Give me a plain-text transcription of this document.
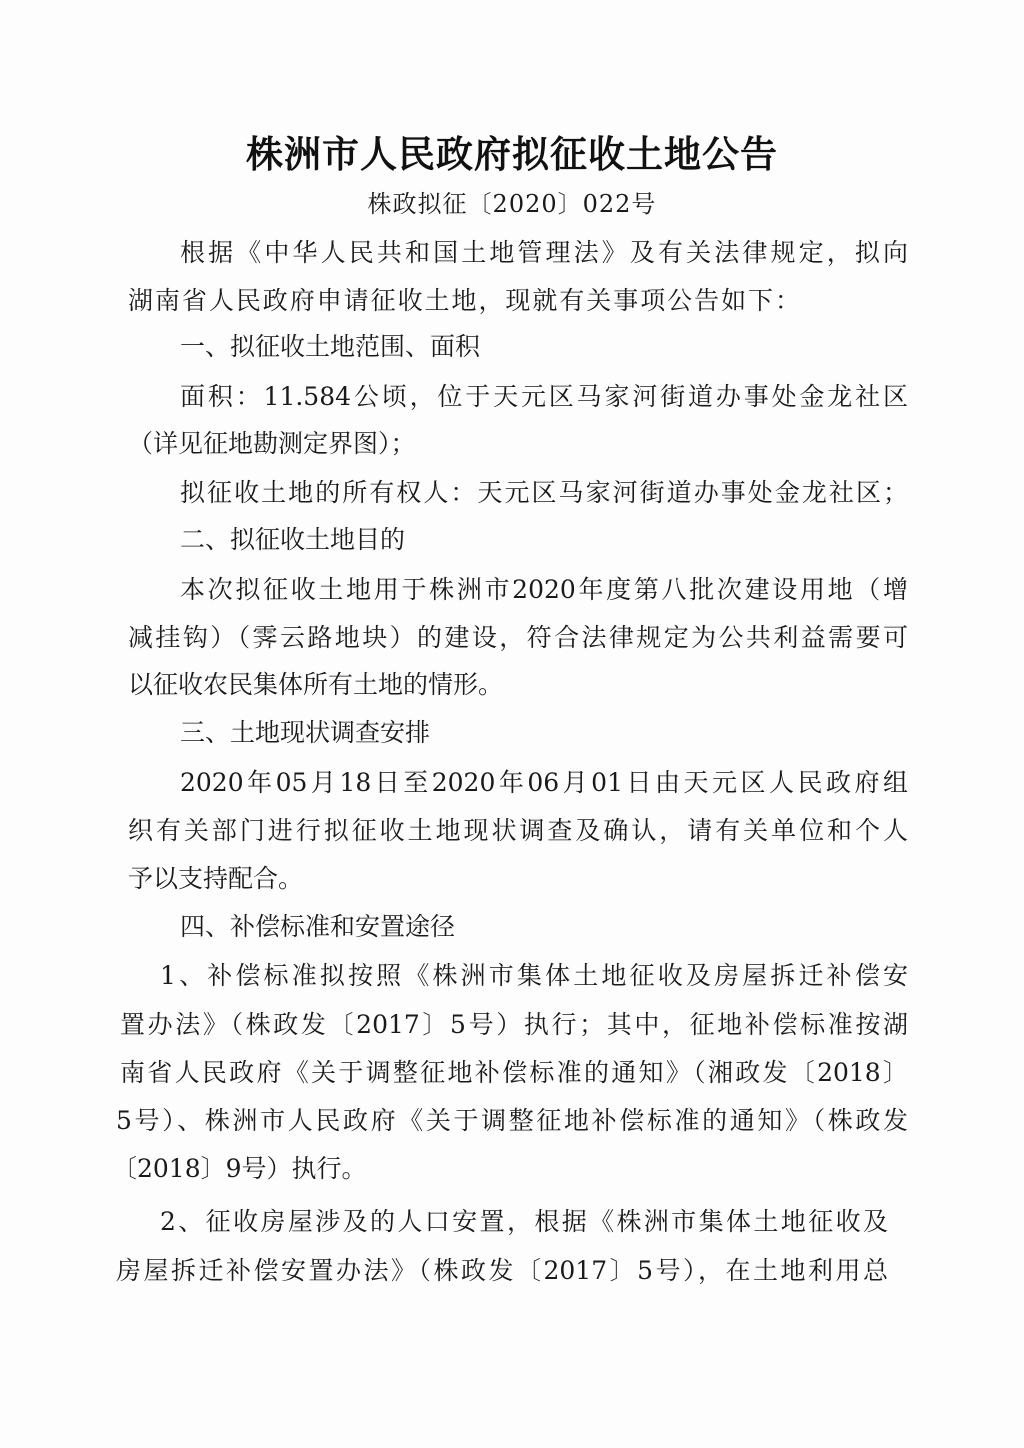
株洲市人民政府拟征收土地公告
株政拟征〔2020〕022号
根据《中华人民共和国土地管理法》及有关法律规定，拟向
湖南省人民政府申请征收土地，现就有关事项公告如下：
一、拟征收土地范围、面积
面积：11.584公顷，位于天元区马家河街道办事处金龙社区
（详见征地勘测定界图）；
拟征收土地的所有权人：天元区马家河街道办事处金龙社区；
二、拟征收土地目的
本次拟征收土地用于株洲市2020年度第八批次建设用地（增
减挂钩）（霁云路地块）的建设，符合法律规定为公共利益需要可
以征收农民集体所有土地的情形。
三、土地现状调查安排
2020年05月18日至2020年06月01日由天元区人民政府组
织有关部门进行拟征收土地现状调查及确认，请有关单位和个人
予以支持配合。
四、补偿标准和安置途径
1、补偿标准拟按照《株洲市集体土地征收及房屋拆迁补偿安
置办法》（株政发〔2017〕5号）执行；其中，征地补偿标准按湖
南省人民政府《关于调整征地补偿标准的通知》（湘政发〔2018〕
5号）、株洲市人民政府《关于调整征地补偿标准的通知》（株政发
〔2018〕9号）执行。
2、征收房屋涉及的人口安置，根据《株洲市集体土地征收及
房屋拆迁补偿安置办法》（株政发〔2017〕5号），在土地利用总
